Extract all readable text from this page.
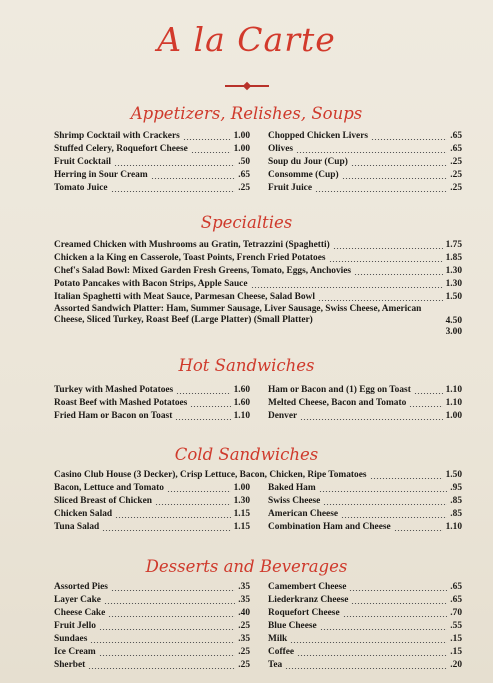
A la Carte
Appetizers, Relishes, Soups
Shrimp Cocktail with Crackers	1.00
Stuffed Celery, Roquefort Cheese	1.00
Fruit Cocktail	.50
Herring in Sour Cream	.65
Tomato Juice	.25
Chopped Chicken Livers	.65
Olives	.65
Soup du Jour (Cup)	.25
Consomme (Cup)	.25
Fruit Juice	.25
Specialties
Creamed Chicken with Mushrooms au Gratin, Tetrazzini (Spaghetti)	1.75
Chicken a la King en Casserole, Toast Points, French Fried Potatoes	1.85
Chef's Salad Bowl: Mixed Garden Fresh Greens, Tomato, Eggs, Anchovies	1.30
Potato Pancakes with Bacon Strips, Apple Sauce	1.30
Italian Spaghetti with Meat Sauce, Parmesan Cheese, Salad Bowl	1.50
Assorted Sandwich Platter: Ham, Summer Sausage, Liver Sausage, Swiss Cheese, American Cheese, Sliced Turkey, Roast Beef (Large Platter) (Small Platter)	4.50
3.00
Hot Sandwiches
Turkey with Mashed Potatoes	1.60
Roast Beef with Mashed Potatoes	1.60
Fried Ham or Bacon on Toast	1.10
Ham or Bacon and (1) Egg on Toast	1.10
Melted Cheese, Bacon and Tomato	1.10
Denver	1.00
Cold Sandwiches
Casino Club House (3 Decker), Crisp Lettuce, Bacon, Chicken, Ripe Tomatoes	1.50
Bacon, Lettuce and Tomato	1.00
Sliced Breast of Chicken	1.30
Chicken Salad	1.15
Tuna Salad	1.15
Baked Ham	.95
Swiss Cheese	.85
American Cheese	.85
Combination Ham and Cheese	1.10
Desserts and Beverages
Assorted Pies	.35
Layer Cake	.35
Cheese Cake	.40
Fruit Jello	.25
Sundaes	.35
Ice Cream	.25
Sherbet	.25
Camembert Cheese	.65
Liederkranz Cheese	.65
Roquefort Cheese	.70
Blue Cheese	.55
Milk	.15
Coffee	.15
Tea	.20
